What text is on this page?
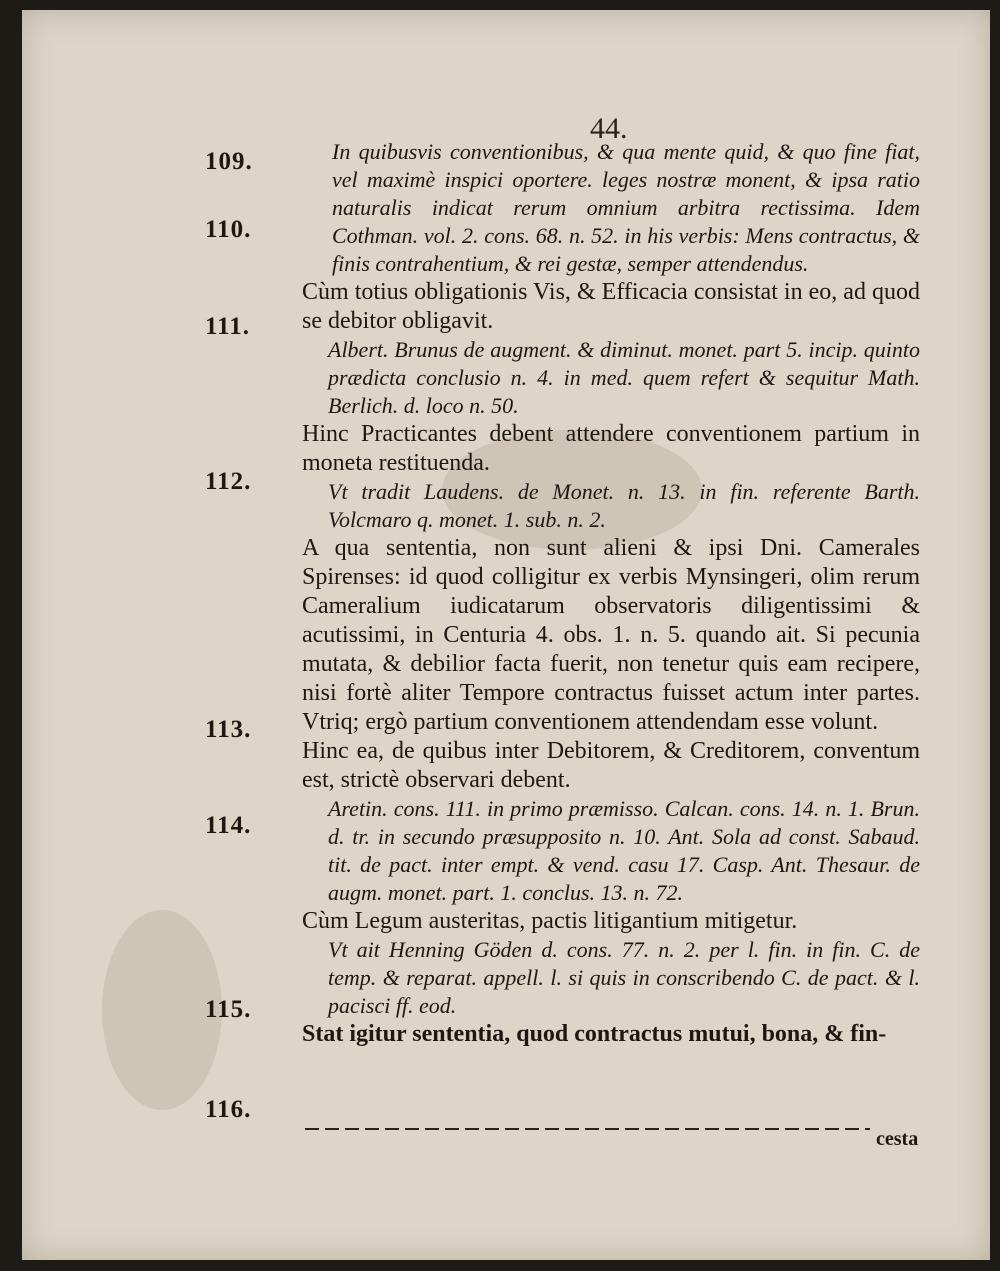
44.
109.
110.
111.
112.
113.
114.
115.
116.

In quibusvis conventionibus, & qua mente quid, & quo fine fiat, vel maximè inspici oportere. leges nostræ monent, & ipsa ratio naturalis indicat rerum omnium arbitra rectissima. Idem Cothman. vol. 2. cons. 68. n. 52. in his verbis: Mens contractus, & finis contrahentium, & rei gestæ, semper attendendus.

Cùm totius obligationis Vis, & Efficacia consistat in eo, ad quod se debitor obligavit.

Albert. Brunus de augment. & diminut. monet. part 5. incip. quinto prædicta conclusio n. 4. in med. quem refert & sequitur Math. Berlich. d. loco n. 50.

Hinc Practicantes debent attendere conventionem partium in moneta restituenda.

Vt tradit Laudens. de Monet. n. 13. in fin. referente Barth. Volcmaro q. monet. 1. sub. n. 2.

A qua sententia, non sunt alieni & ipsi Dni. Camerales Spirenses: id quod colligitur ex verbis Mynsingeri, olim rerum Cameralium iudicatarum observatoris diligentissimi & acutissimi, in Centuria 4. obs. 1. n. 5. quando ait. Si pecunia mutata, & debilior facta fuerit, non tenetur quis eam recipere, nisi fortè aliter Tempore contractus fuisset actum inter partes. Vtriq; ergò partium conventionem attendendam esse volunt.

Hinc ea, de quibus inter Debitorem, & Creditorem, conventum est, strictè observari debent.

Aretin. cons. 111. in primo præmisso. Calcan. cons. 14. n. 1. Brun. d. tr. in secundo præsupposito n. 10. Ant. Sola ad const. Sabaud. tit. de pact. inter empt. & vend. casu 17. Casp. Ant. Thesaur. de augm. monet. part. 1. conclus. 13. n. 72.

Cùm Legum austeritas, pactis litigantium mitigetur.

Vt ait Henning Göden d. cons. 77. n. 2. per l. fin. in fin. C. de temp. & reparat. appell. l. si quis in conscribendo C. de pact. & l. pacisci ff. eod.

Stat igitur sententia, quod contractus mutui, bona, & fin-

cesta
